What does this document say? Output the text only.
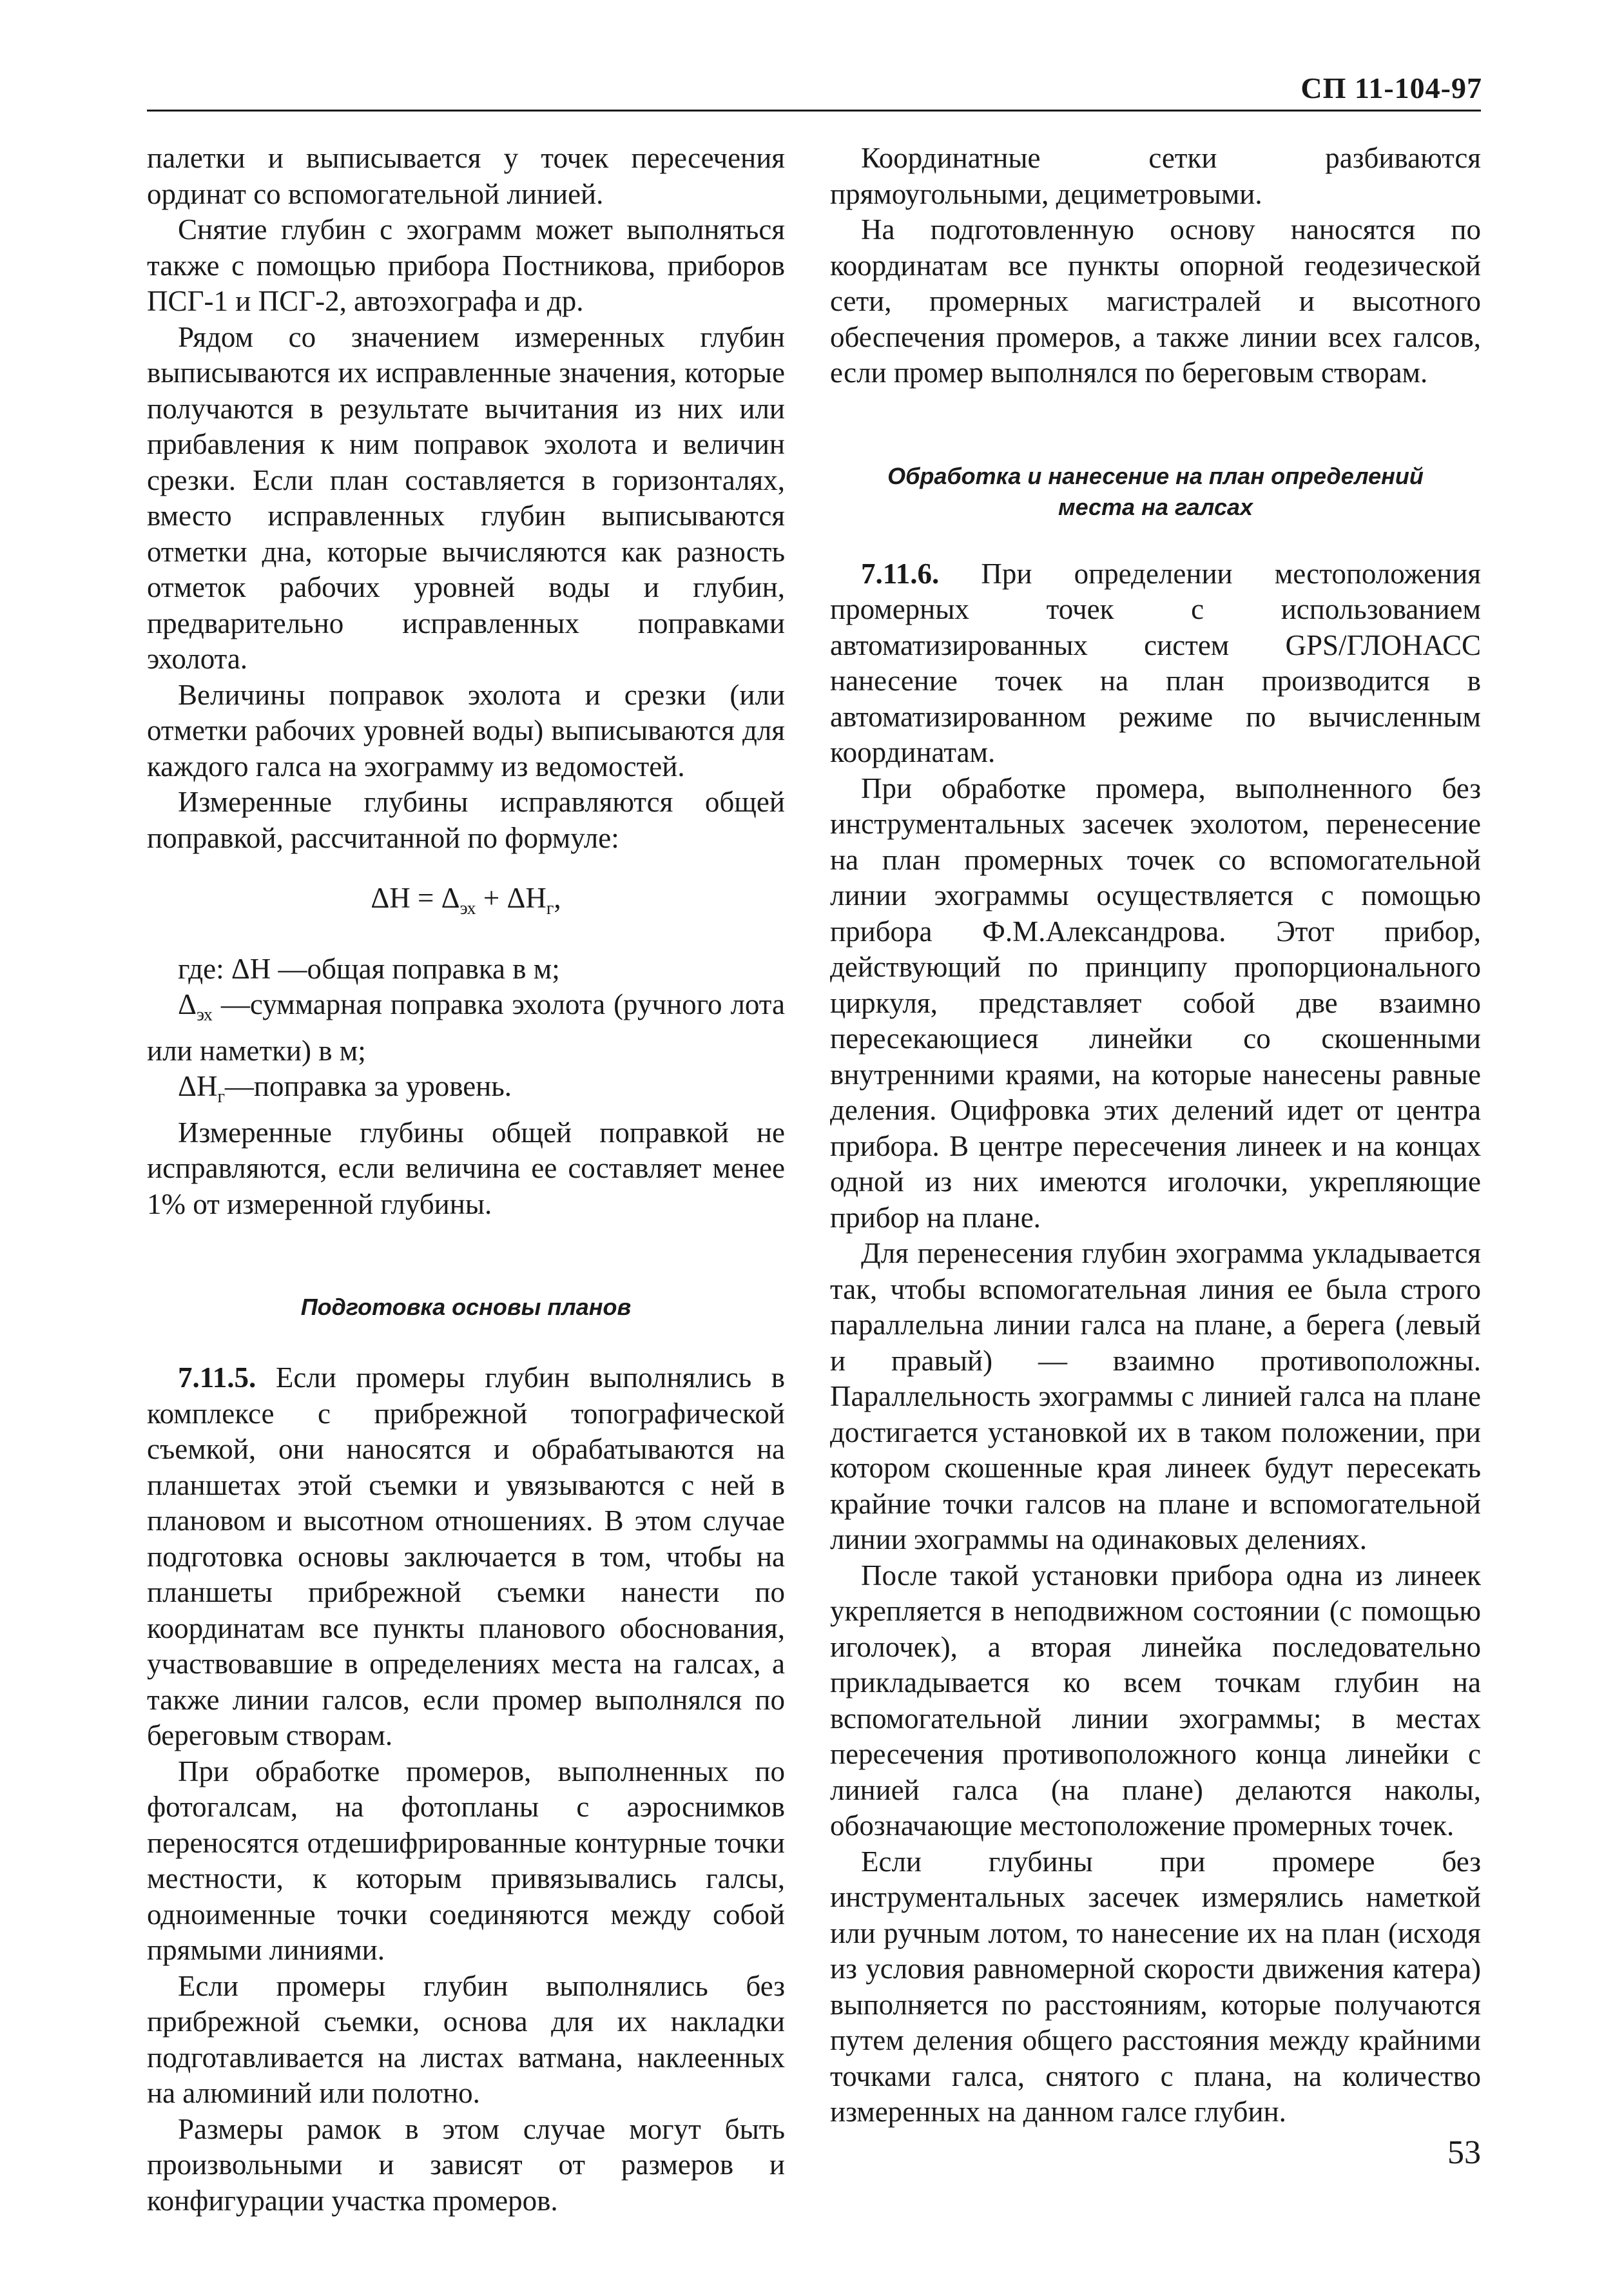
СП 11-104-97

палетки и выписывается у точек пересечения ординат со вспомогательной линией.

Снятие глубин с эхограмм может выполняться также с помощью прибора Постникова, приборов ПСГ-1 и ПСГ-2, автоэхографа и др.

Рядом со значением измеренных глубин выписываются их исправленные значения, которые получаются в результате вычитания из них или прибавления к ним поправок эхолота и величин срезки. Если план составляется в горизонталях, вместо исправленных глубин выписываются отметки дна, которые вычисляются как разность отметок рабочих уровней воды и глубин, предварительно исправленных поправками эхолота.

Величины поправок эхолота и срезки (или отметки рабочих уровней воды) выписываются для каждого галса на эхограмму из ведомостей.

Измеренные глубины исправляются общей поправкой, рассчитанной по формуле:

$\Delta H = \Delta_{эх} + \Delta H_г$,

где: ΔH —общая поправка в м;

$\Delta_{эх}$ —суммарная поправка эхолота (ручного лота или наметки) в м;

$\Delta H_г—поправка$ за уровень.

Измеренные глубины общей поправкой не исправляются, если величина ее составляет менее 1% от измеренной глубины.

Подготовка основы планов

7.11.5. Если промеры глубин выполнялись в комплексе с прибрежной топографической съемкой, они наносятся и обрабатываются на планшетах этой съемки и увязываются с ней в плановом и высотном отношениях. В этом случае подготовка основы заключается в том, чтобы на планшеты прибрежной съемки нанести по координатам все пункты планового обоснования, участвовавшие в определениях места на галсах, а также линии галсов, если промер выполнялся по береговым створам.

При обработке промеров, выполненных по фотогалсам, на фотопланы с аэроснимков переносятся отдешифрированные контурные точки местности, к которым привязывались галсы, одноименные точки соединяются между собой прямыми линиями.

Если промеры глубин выполнялись без прибрежной съемки, основа для их накладки подготавливается на листах ватмана, наклеенных на алюминий или полотно.

Размеры рамок в этом случае могут быть произвольными и зависят от размеров и конфигурации участка промеров.

Координатные сетки разбиваются прямоугольными, дециметровыми.

На подготовленную основу наносятся по координатам все пункты опорной геодезической сети, промерных магистралей и высотного обеспечения промеров, а также линии всех галсов, если промер выполнялся по береговым створам.

Обработка и нанесение на план определений
места на галсах

7.11.6. При определении местоположения промерных точек с использованием автоматизированных систем GPS/ГЛОНАСС нанесение точек на план производится в автоматизированном режиме по вычисленным координатам.

При обработке промера, выполненного без инструментальных засечек эхолотом, перенесение на план промерных точек со вспомогательной линии эхограммы осуществляется с помощью прибора Ф.М.Александрова. Этот прибор, действующий по принципу пропорционального циркуля, представляет собой две взаимно пересекающиеся линейки со скошенными внутренними краями, на которые нанесены равные деления. Оцифровка этих делений идет от центра прибора. В центре пересечения линеек и на концах одной из них имеются иголочки, укрепляющие прибор на плане.

Для перенесения глубин эхограмма укладывается так, чтобы вспомогательная линия ее была строго параллельна линии галса на плане, а берега (левый и правый) — взаимно противоположны. Параллельность эхограммы с линией галса на плане достигается установкой их в таком положении, при котором скошенные края линеек будут пересекать крайние точки галсов на плане и вспомогательной линии эхограммы на одинаковых делениях.

После такой установки прибора одна из линеек укрепляется в неподвижном состоянии (с помощью иголочек), а вторая линейка последовательно прикладывается ко всем точкам глубин на вспомогательной линии эхограммы; в местах пересечения противоположного конца линейки с линией галса (на плане) делаются наколы, обозначающие местоположение промерных точек.

Если глубины при промере без инструментальных засечек измерялись наметкой или ручным лотом, то нанесение их на план (исходя из условия равномерной скорости движения катера) выполняется по расстояниям, которые получаются путем деления общего расстояния между крайними точками галса, снятого с плана, на количество измеренных на данном галсе глубин.

53
